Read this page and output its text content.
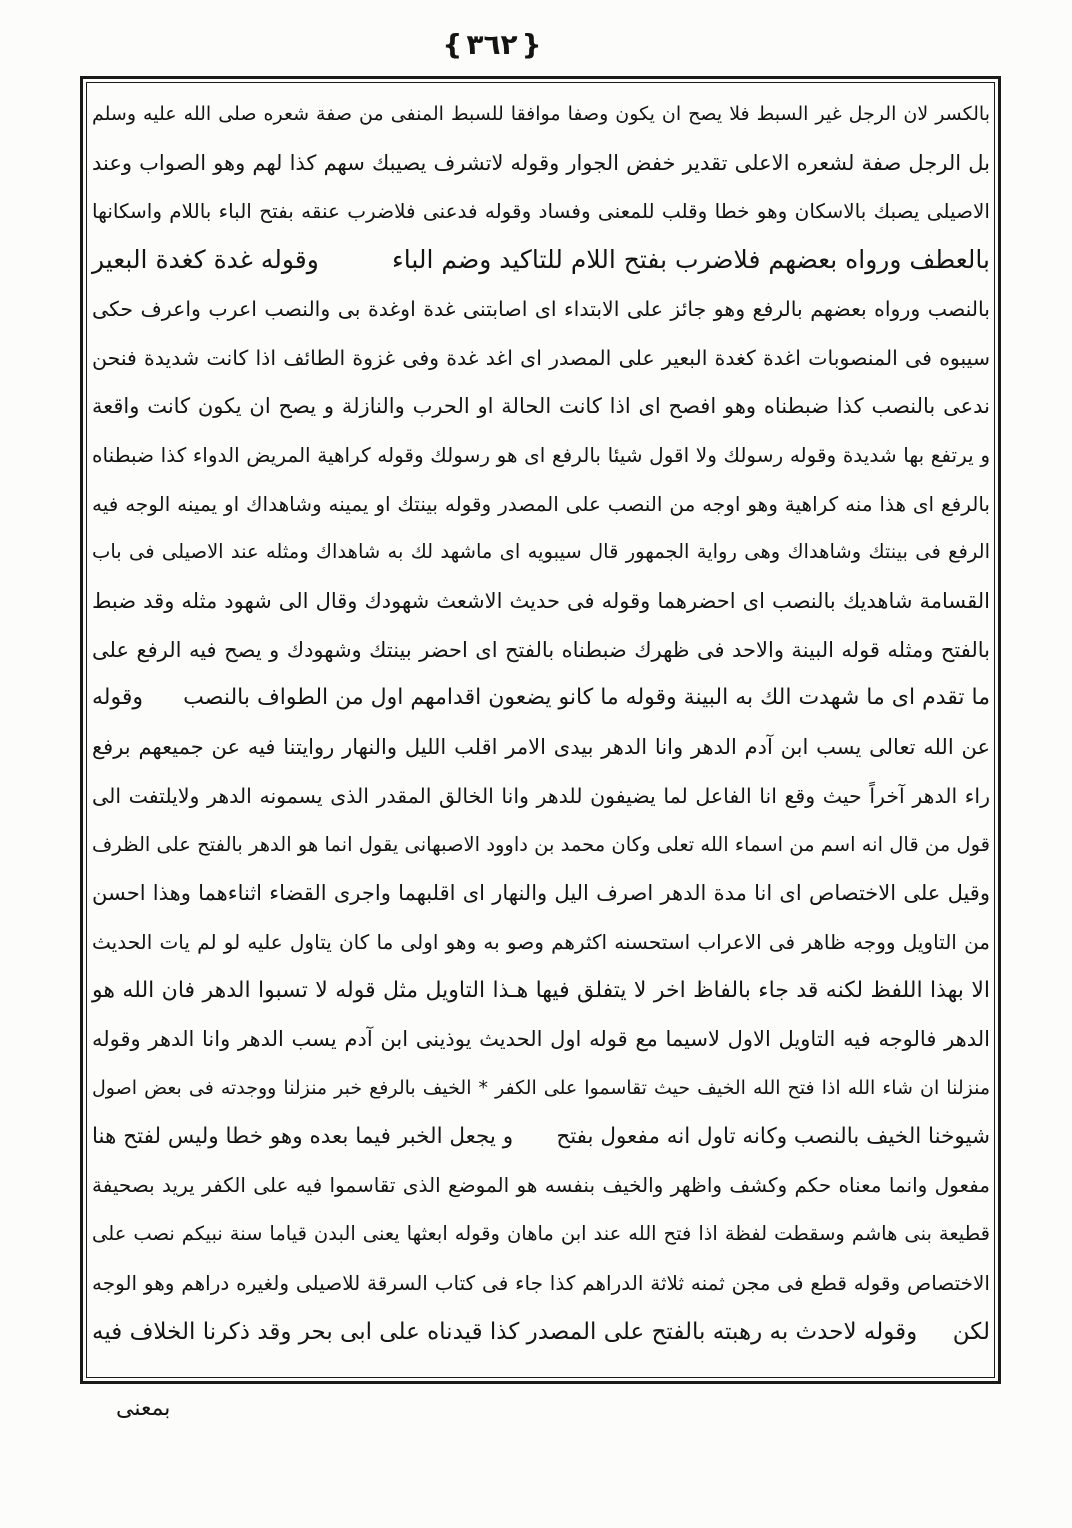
{ ٣٦٢ }
بالكسر لان الرجل غير السبط فلا يصح ان يكون وصفا موافقا للسبط المنفى من صفة شعره صلى الله عليه وسلم
بل الرجل صفة لشعره الاعلى تقدير خفض الجوار وقوله لاتشرف يصيبك سهم كذا لهم وهو الصواب وعند
الاصيلى يصبك بالاسكان وهو خطا وقلب للمعنى وفساد وقوله فدعنى فلاضرب عنقه بفتح الباء باللام واسكانها
بالعطف ورواه بعضهم فلاضرب بفتح اللام للتاكيد وضم الباء
وقوله غدة كغدة البعير
بالنصب ورواه بعضهم بالرفع وهو جائز على الابتداء اى اصابتنى غدة اوغدة بى والنصب اعرب واعرف حكى
سيبوه فى المنصوبات اغدة كغدة البعير على المصدر اى اغد غدة وفى غزوة الطائف اذا كانت شديدة فنحن
ندعى بالنصب كذا ضبطناه وهو افصح اى اذا كانت الحالة او الحرب والنازلة و يصح ان يكون كانت واقعة
و يرتفع بها شديدة وقوله رسولك ولا اقول شيئا بالرفع اى هو رسولك وقوله كراهية المريض الدواء كذا ضبطناه
بالرفع اى هذا منه كراهية وهو اوجه من النصب على المصدر وقوله بينتك او يمينه وشاهداك او يمينه الوجه فيه
الرفع فى بينتك وشاهداك وهى رواية الجمهور قال سيبويه اى ماشهد لك به شاهداك ومثله عند الاصيلى فى باب
القسامة شاهديك بالنصب اى احضرهما وقوله فى حديث الاشعث شهودك وقال الى شهود مثله وقد ضبط
بالفتح ومثله قوله البينة والاحد فى ظهرك ضبطناه بالفتح اى احضر بينتك وشهودك و يصح فيه الرفع على
ما تقدم اى ما شهدت الك به البينة وقوله ما كانو يضعون اقدامهم اول من الطواف بالنصب
وقوله
عن الله تعالى يسب ابن آدم الدهر وانا الدهر بيدى الامر اقلب الليل والنهار روايتنا فيه عن جميعهم برفع
راء الدهر آخراً حيث وقع انا الفاعل لما يضيفون للدهر وانا الخالق المقدر الذى يسمونه الدهر ولايلتفت الى
قول من قال انه اسم من اسماء الله تعلى وكان محمد بن داوود الاصبهانى يقول انما هو الدهر بالفتح على الظرف
وقيل على الاختصاص اى انا مدة الدهر اصرف اليل والنهار اى اقلبهما واجرى القضاء اثناءهما وهذا احسن
من التاويل ووجه ظاهر فى الاعراب استحسنه اكثرهم وصو به وهو اولى ما كان يتاول عليه لو لم يات الحديث
الا بهذا اللفظ لكنه قد جاء بالفاظ اخر لا يتفلق فيها هـذا التاويل مثل قوله لا تسبوا الدهر فان الله هو
الدهر فالوجه فيه التاويل الاول لاسيما مع قوله اول الحديث يوذينى ابن آدم يسب الدهر وانا الدهر وقوله
منزلنا ان شاء الله اذا فتح الله الخيف حيث تقاسموا على الكفر * الخيف بالرفع خبر منزلنا ووجدته فى بعض اصول
شيوخنا الخيف بالنصب وكانه تاول انه مفعول بفتح
و يجعل الخبر فيما بعده وهو خطا وليس لفتح هنا
مفعول وانما معناه حكم وكشف واظهر والخيف بنفسه هو الموضع الذى تقاسموا فيه على الكفر يريد بصحيفة
قطيعة بنى هاشم وسقطت لفظة اذا فتح الله عند ابن ماهان وقوله ابعثها يعنى البدن قياما سنة نبيكم نصب على
الاختصاص وقوله قطع فى مجن ثمنه ثلاثة الدراهم كذا جاء فى كتاب السرقة للاصيلى ولغيره دراهم وهو الوجه
لكن
وقوله لاحدث به رهبته بالفتح على المصدر كذا قيدناه على ابى بحر وقد ذكرنا الخلاف فيه
بمعنى
